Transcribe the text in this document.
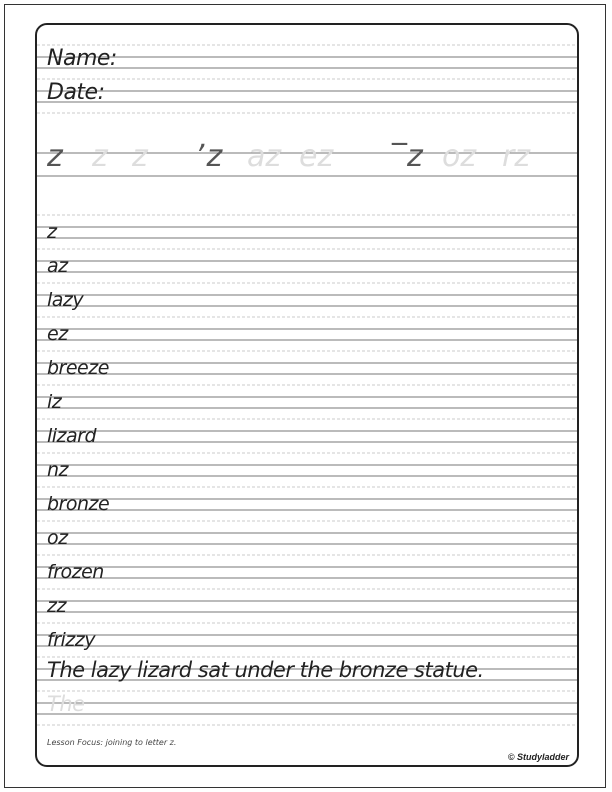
Name:
Date:
z z z ʼz az ez ‾z oz rz
z
az
lazy
ez
breeze
iz
lizard
nz
bronze
oz
frozen
zz
frizzy
The lazy lizard sat under the bronze statue.
The
Lesson Focus: joining to letter z.
© Studyladder
